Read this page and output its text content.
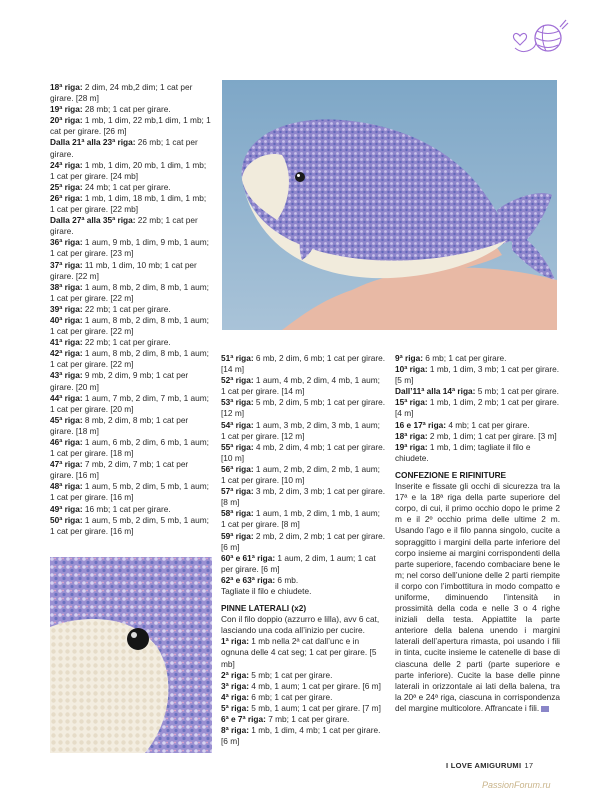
18ª riga: 2 dim, 24 mb,2 dim; 1 cat per girare. [28 m]

19ª riga: 28 mb; 1 cat per girare.

20ª riga: 1 mb, 1 dim, 22 mb,1 dim, 1 mb; 1 cat per girare. [26 m]

Dalla 21ª alla 23ª riga: 26 mb; 1 cat per girare.

24ª riga: 1 mb, 1 dim, 20 mb, 1 dim, 1 mb; 1 cat per girare. [24 mb]

25ª riga: 24 mb; 1 cat per girare.

26ª riga: 1 mb, 1 dim, 18 mb, 1 dim, 1 mb; 1 cat per girare. [22 mb]

Dalla 27ª alla 35ª riga: 22 mb; 1 cat per girare.

36ª riga: 1 aum, 9 mb, 1 dim, 9 mb, 1 aum; 1 cat per girare. [23 m]

37ª riga: 11 mb, 1 dim, 10 mb; 1 cat per girare. [22 m]

38ª riga: 1 aum, 8 mb, 2 dim, 8 mb, 1 aum; 1 cat per girare. [22 m]

39ª riga: 22 mb; 1 cat per girare.

40ª riga: 1 aum, 8 mb, 2 dim, 8 mb, 1 aum; 1 cat per girare. [22 m]

41ª riga: 22 mb; 1 cat per girare.

42ª riga: 1 aum, 8 mb, 2 dim, 8 mb, 1 aum; 1 cat per girare. [22 m]

43ª riga: 9 mb, 2 dim, 9 mb; 1 cat per girare. [20 m]

44ª riga: 1 aum, 7 mb, 2 dim, 7 mb, 1 aum; 1 cat per girare. [20 m]

45ª riga: 8 mb, 2 dim, 8 mb; 1 cat per girare. [18 m]

46ª riga: 1 aum, 6 mb, 2 dim, 6 mb, 1 aum; 1 cat per girare. [18 m]

47ª riga: 7 mb, 2 dim, 7 mb; 1 cat per girare. [16 m]

48ª riga: 1 aum, 5 mb, 2 dim, 5 mb, 1 aum; 1 cat per girare. [16 m]

49ª riga: 16 mb; 1 cat per girare.

50ª riga: 1 aum, 5 mb, 2 dim, 5 mb, 1 aum; 1 cat per girare. [16 m]

51ª riga: 6 mb, 2 dim, 6 mb; 1 cat per girare. [14 m]

52ª riga: 1 aum, 4 mb, 2 dim, 4 mb, 1 aum; 1 cat per girare. [14 m]

53ª riga: 5 mb, 2 dim, 5 mb; 1 cat per girare. [12 m]

54ª riga: 1 aum, 3 mb, 2 dim, 3 mb, 1 aum; 1 cat per girare. [12 m]

55ª riga: 4 mb, 2 dim, 4 mb; 1 cat per girare. [10 m]

56ª riga: 1 aum, 2 mb, 2 dim, 2 mb, 1 aum; 1 cat per girare. [10 m]

57ª riga: 3 mb, 2 dim, 3 mb; 1 cat per girare. [8 m]

58ª riga: 1 aum, 1 mb, 2 dim, 1 mb, 1 aum; 1 cat per girare. [8 m]

59ª riga: 2 mb, 2 dim, 2 mb; 1 cat per girare. [6 m]

60ª e 61ª riga: 1 aum, 2 dim, 1 aum; 1 cat per girare. [6 m]

62ª e 63ª riga: 6 mb.

Tagliate il filo e chiudete.

PINNE LATERALI (x2)

Con il filo doppio (azzurro e lilla), avv 6 cat, lasciando una coda all’inizio per cucire.

1ª riga: 1 mb nella 2ª cat dall’unc e in ognuna delle 4 cat seg; 1 cat per girare. [5 mb]

2ª riga: 5 mb; 1 cat per girare.

3ª riga: 4 mb, 1 aum; 1 cat per girare. [6 m]

4ª riga: 6 mb; 1 cat per girare.

5ª riga: 5 mb, 1 aum; 1 cat per girare. [7 m]

6ª e 7ª riga: 7 mb; 1 cat per girare.

8ª riga: 1 mb, 1 dim, 4 mb; 1 cat per girare. [6 m]

9ª riga: 6 mb; 1 cat per girare.

10ª riga: 1 mb, 1 dim, 3 mb; 1 cat per girare. [5 m]

Dall’11ª alla 14ª riga: 5 mb; 1 cat per girare.

15ª riga: 1 mb, 1 dim, 2 mb; 1 cat per girare. [4 m]

16 e 17ª riga: 4 mb; 1 cat per girare.

18ª riga: 2 mb, 1 dim; 1 cat per girare. [3 m]

19ª riga: 1 mb, 1 dim; tagliate il filo e chiudete.

CONFEZIONE E RIFINITURE

Inserite e fissate gli occhi di sicurezza tra la 17ª e la 18ª riga della parte superiore del corpo, di cui, il primo occhio dopo le prime 2 m e il 2º occhio prima delle ultime 2 m. Usando l’ago e il filo panna singolo, cucite a sopraggitto i margini della parte inferiore del corpo insieme ai margini corrispondenti della parte superiore, facendo combaciare bene le m; nel corso dell’unione delle 2 parti riempite il corpo con l’imbottitura in modo compatto e uniforme, diminuendo l’intensità in prossimità della coda e nelle 3 o 4 righe iniziali della testa. Appiattite la parte anteriore della balena unendo i margini laterali dell’apertura rimasta, poi usando i fili in tinta, cucite insieme le catenelle di base di ciascuna delle 2 parti (parte superiore e parte inferiore). Cucite la base delle pinne laterali in orizzontale ai lati della balena, tra la 20ª e 24ª riga, ciascuna in corrispondenza del margine multicolore. Affrancate i fili.

I LOVE AMIGURUMI 17
PassionForum.ru
